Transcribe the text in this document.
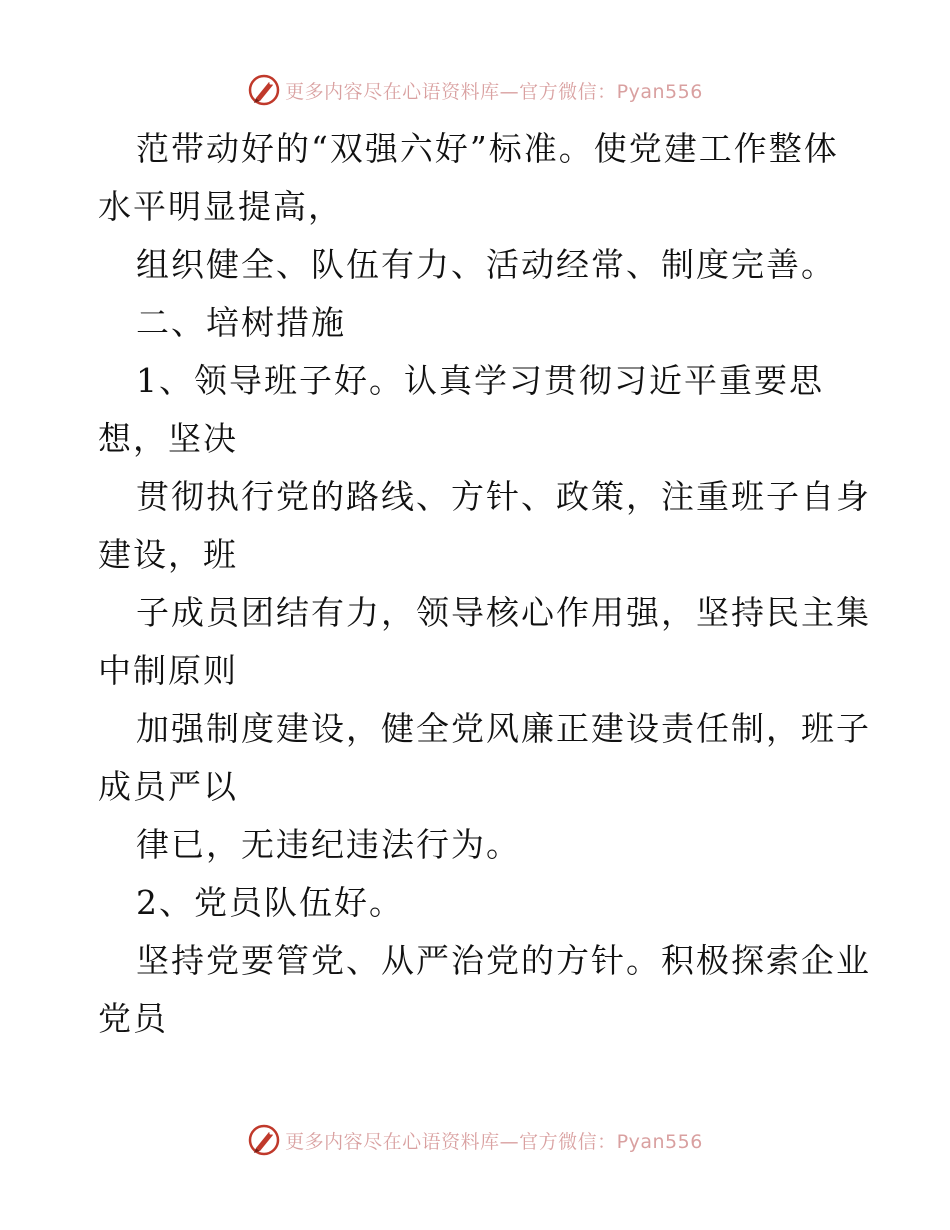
更多内容尽在心语资料库—官方微信：Pyan556
范带动好的“双强六好”标准。使党建工作整体
水平明显提高，
组织健全、队伍有力、活动经常、制度完善。
二、培树措施
1、领导班子好。认真学习贯彻习近平重要思
想，坚决
贯彻执行党的路线、方针、政策，注重班子自身
建设，班
子成员团结有力，领导核心作用强，坚持民主集
中制原则
加强制度建设，健全党风廉正建设责任制，班子
成员严以
律已，无违纪违法行为。
2、党员队伍好。
坚持党要管党、从严治党的方针。积极探索企业
党员
更多内容尽在心语资料库—官方微信：Pyan556
